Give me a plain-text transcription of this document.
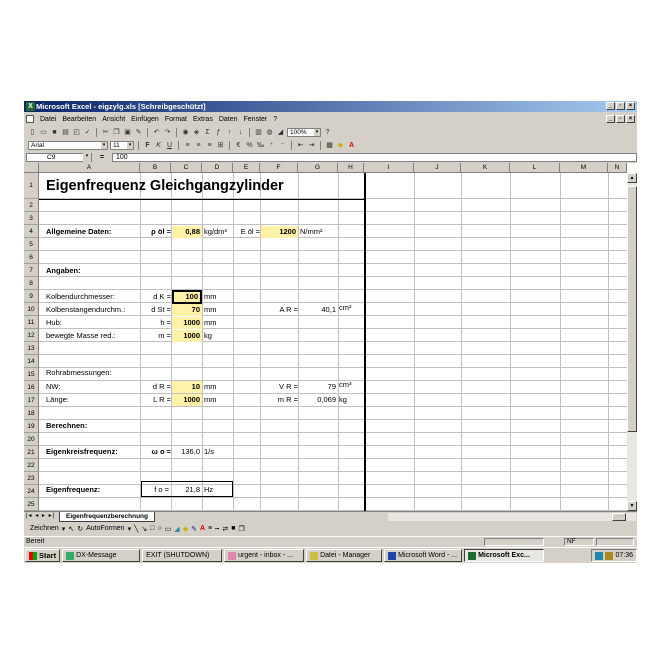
X Microsoft Excel - eigzylg.xls [Schreibgeschützt]	_	▫	×
Datei Bearbeiten Ansicht Einfügen Format Extras Daten Fenster ?	_	▫	×
▯ ▭ ■ ▤ ◰ ✓ ✂ ❐ ▣ ✎ ↶ ↷ ◉ ◈ Σ ƒ	↑	↓	▥ ◍ ◢	100%	▾	?
Arial	▾	11	▾	F K U	≡ ≡ ≡ ⊞	€ % ‰ ⁺	⁻	⇤ ⇥ ▦ ◆ A
C9	▾	=	100
A	B	C	D	E	F	G	H	I	J	K	L	M	N
Eigenfrequenz Gleichgangzylinder
Allgemeine Daten:	ρ öl =	0,88 kg/dm³	E öl =	1200 N/mm²
Angaben:
Kolbendurchmesser:	d K =	100 mm
Kolbenstangendurchm.:	d St =	70 mm	A R =	40,1 cm²
Hub:	h =	1000 mm
bewegte Masse red.:	m =	1000 kg
Rohrabmessungen:
NW:	d R =	10 mm	V R =	79 cm³
Länge:	L R =	1000 mm	m R =	0,069 kg
Berechnen:
Eigenkreisfrequenz:	ω o =	136,0 1/s
Eigenfrequenz:	f o =	21,8 Hz
▲
▼
1
2
3
4
5
6
7
8
9
10
11
12
13
14
15
16
17
18
19
20
21
22
23
24
25
|◂ ◂ ▸ ▸|	Eigenfrequenzberechnung
Zeichnen ▾ ↖ ↻ AutoFormen ▾ ╲ ↘ □ ○ ▭ ◢ ◆ ✎ A ≡ ┅ ⇄ ■ ❒
Bereit	NF
Start	DX-Message	EXIT (SHUTDOWN)	urgent - inbox - ...	Datei - Manager	Microsoft Word - ...	Microsoft Exc...	07:36
